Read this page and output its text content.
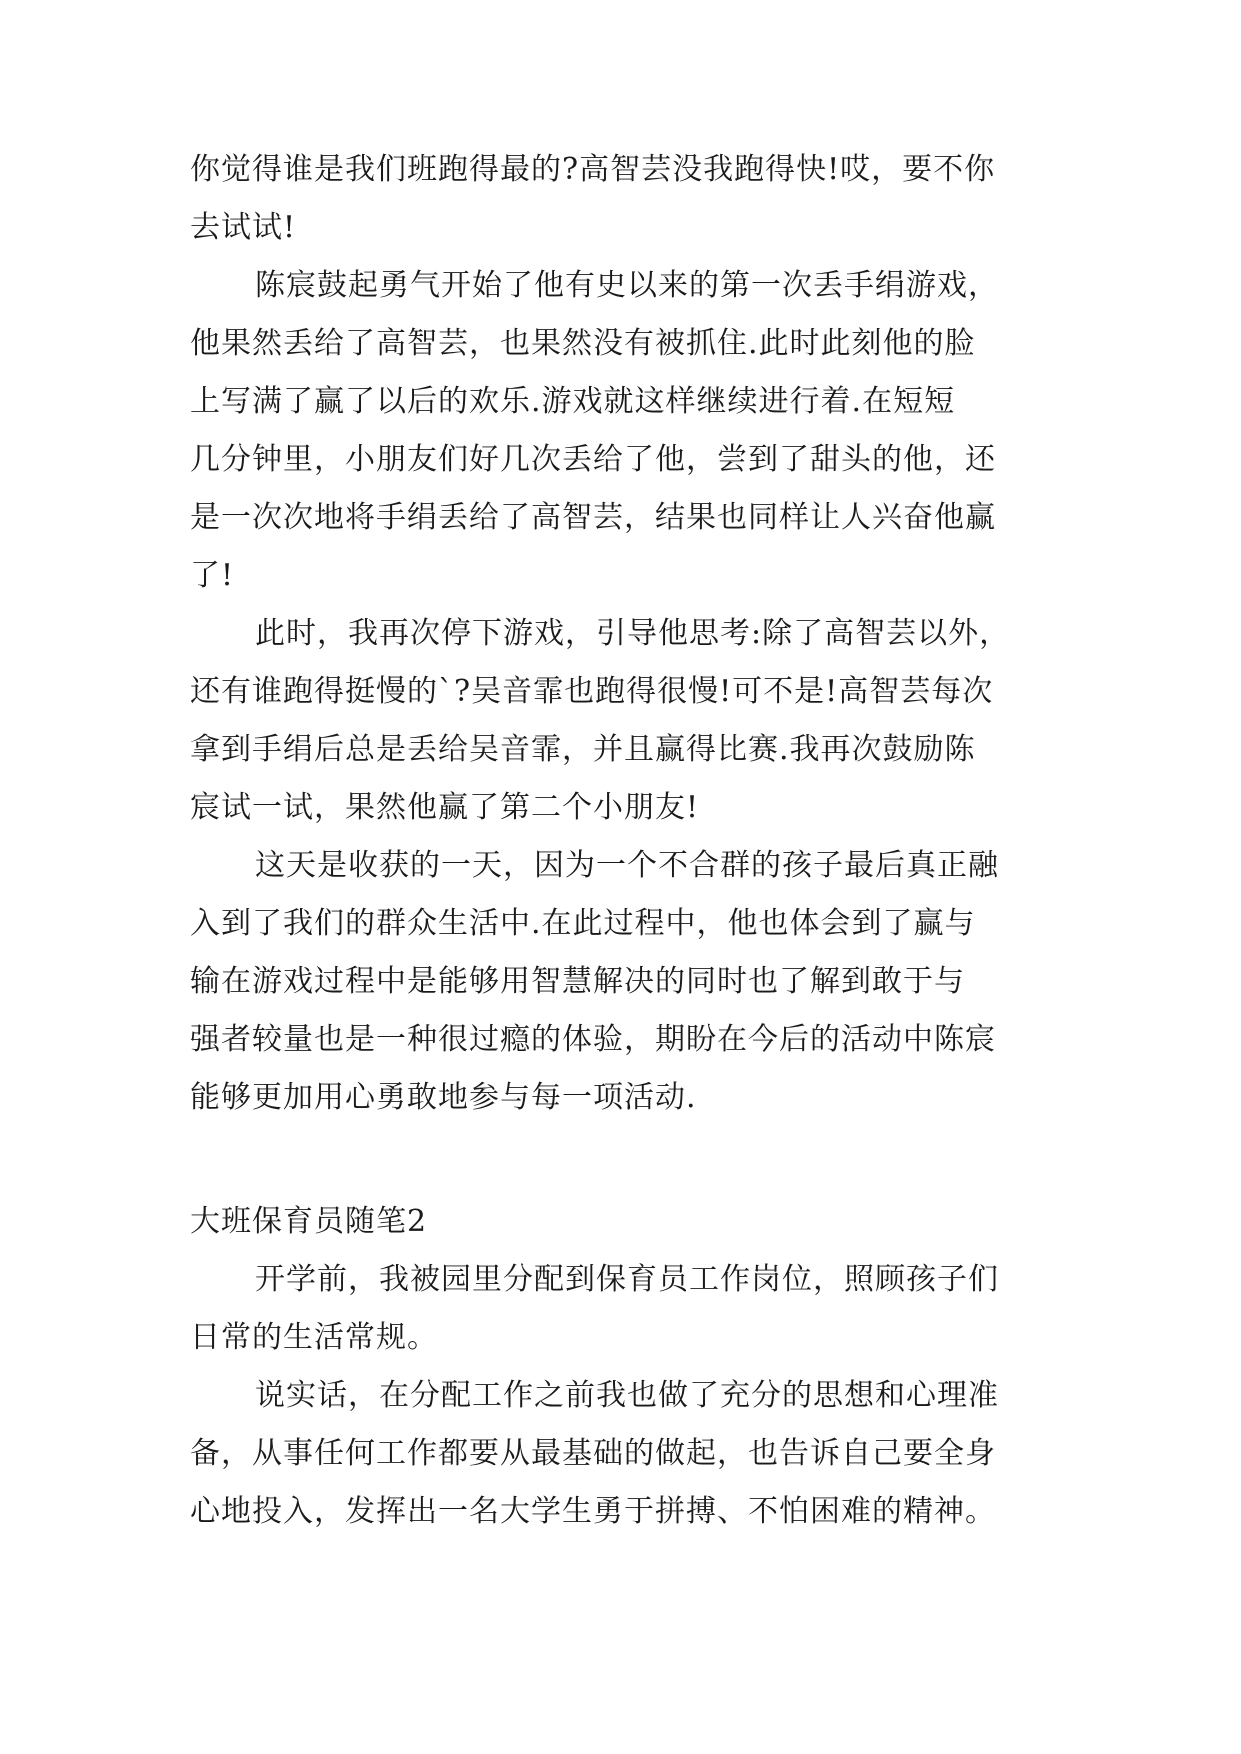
你觉得谁是我们班跑得最的?高智芸没我跑得快!哎，要不你
去试试!
陈宸鼓起勇气开始了他有史以来的第一次丢手绢游戏，
他果然丢给了高智芸，也果然没有被抓住.此时此刻他的脸
上写满了赢了以后的欢乐.游戏就这样继续进行着.在短短
几分钟里，小朋友们好几次丢给了他，尝到了甜头的他，还
是一次次地将手绢丢给了高智芸，结果也同样让人兴奋他赢
了!
此时，我再次停下游戏，引导他思考:除了高智芸以外，
还有谁跑得挺慢的`?吴音霏也跑得很慢!可不是!高智芸每次
拿到手绢后总是丢给吴音霏，并且赢得比赛.我再次鼓励陈
宸试一试，果然他赢了第二个小朋友!
这天是收获的一天，因为一个不合群的孩子最后真正融
入到了我们的群众生活中.在此过程中，他也体会到了赢与
输在游戏过程中是能够用智慧解决的同时也了解到敢于与
强者较量也是一种很过瘾的体验，期盼在今后的活动中陈宸
能够更加用心勇敢地参与每一项活动.
大班保育员随笔2
开学前，我被园里分配到保育员工作岗位，照顾孩子们
日常的生活常规。
说实话，在分配工作之前我也做了充分的思想和心理准
备，从事任何工作都要从最基础的做起，也告诉自己要全身
心地投入，发挥出一名大学生勇于拼搏、不怕困难的精神。
